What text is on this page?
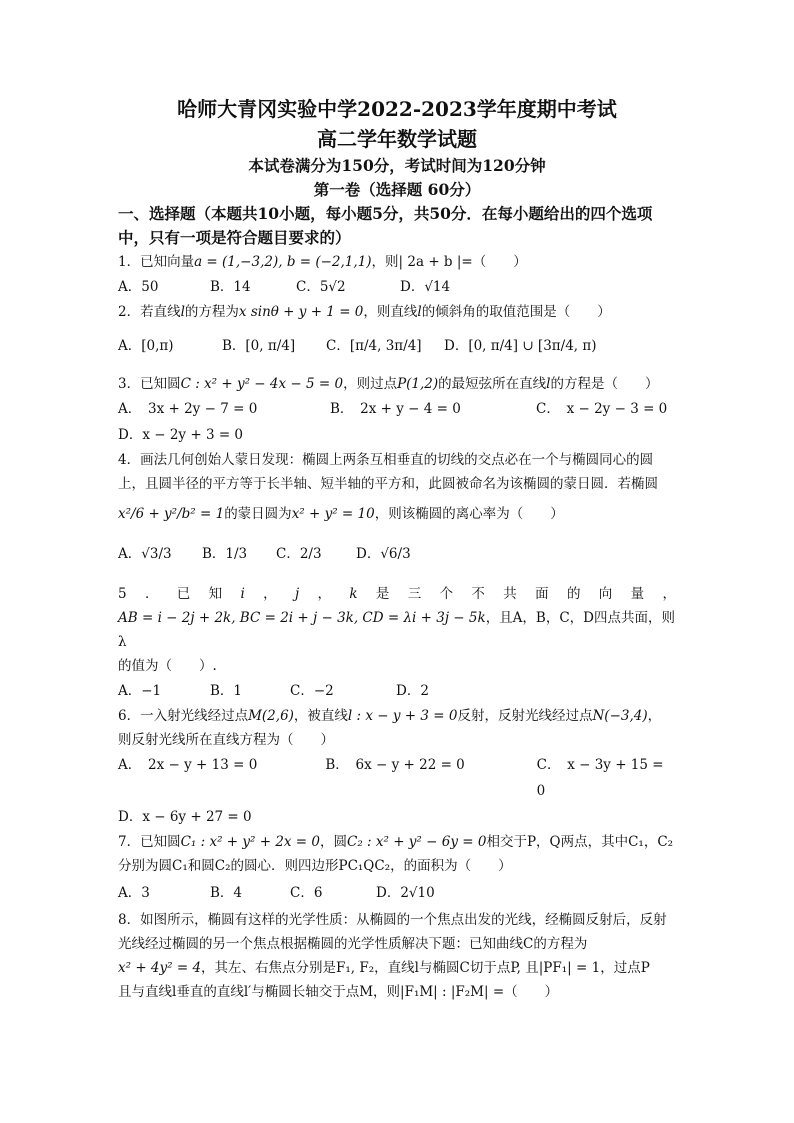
哈师大青冈实验中学2022-2023学年度期中考试
高二学年数学试题
本试卷满分为150分，考试时间为120分钟
第一卷（选择题 60分）
一、选择题（本题共10小题，每小题5分，共50分．在每小题给出的四个选项中，只有一项是符合题目要求的）
1．已知向量a = (1,−3,2), b = (−2,1,1)，则| 2a + b |=（　　）
A．50	B．14	C．5√2	D．√14
2．若直线l的方程为x sinθ + y + 1 = 0，则直线l的倾斜角的取值范围是（　　）
A．[0,π)	B．[0, π/4]	C．[π/4, 3π/4]	D．[0, π/4] ∪ [3π/4, π)
3．已知圆C : x² + y² − 4x − 5 = 0，则过点P(1,2)的最短弦所在直线l的方程是（　　）
A．　3x + 2y − 7 = 0	B．　2x + y − 4 = 0	C．　x − 2y − 3 = 0
D．x − 2y + 3 = 0
4．画法几何创始人蒙日发现：椭圆上两条互相垂直的切线的交点必在一个与椭圆同心的圆上，且圆半径的平方等于长半轴、短半轴的平方和，此圆被命名为该椭圆的蒙日圆．若椭圆
x²/6 + y²/b² = 1的蒙日圆为x² + y² = 10，则该椭圆的离心率为（　　）
A．√3/3	B．1/3	C．2/3	D．√6/3
5 ． 已 知 i ， j ， k 是 三 个 不 共 面 的 向 量 ，
AB = i − 2j + 2k, BC = 2i + j − 3k, CD = λi + 3j − 5k，且A，B，C，D四点共面，则λ
的值为（　　）.
A．−1	B．1	C．−2	D．2
6．一入射光线经过点M(2,6)，被直线l : x − y + 3 = 0反射，反射光线经过点N(−3,4)，
则反射光线所在直线方程为（　　）
A．　2x − y + 13 = 0	B．　6x − y + 22 = 0	C．　x − 3y + 15 = 0
D．x − 6y + 27 = 0
7．已知圆C₁ : x² + y² + 2x = 0，圆C₂ : x² + y² − 6y = 0相交于P，Q两点，其中C₁，C₂
分别为圆C₁和圆C₂的圆心．则四边形PC₁QC₂，的面积为（　　）
A．3	B．4	C．6	D．2√10
8．如图所示，椭圆有这样的光学性质：从椭圆的一个焦点出发的光线，经椭圆反射后，反射光线经过椭圆的另一个焦点根据椭圆的光学性质解决下题：已知曲线C的方程为
x² + 4y² = 4，其左、右焦点分别是F₁, F₂，直线l与椭圆C切于点P, 且|PF₁| = 1，过点P
且与直线l垂直的直线l′与椭圆长轴交于点M，则|F₁M| : |F₂M| =（　　）
